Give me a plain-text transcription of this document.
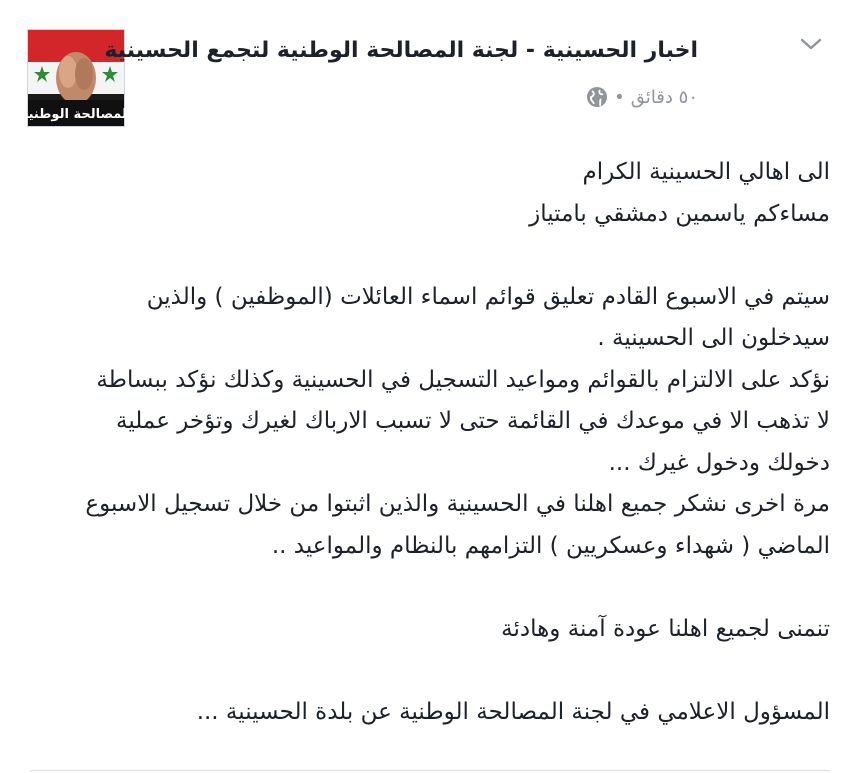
المصالحة الوطنية
اخبار الحسينية - لجنة المصالحة الوطنية لتجمع الحسينية
٥٠ دقائق
•

الى اهالي الحسينية الكرام

مساءكم ياسمين دمشقي بامتياز

سيتم في الاسبوع القادم تعليق قوائم اسماء العائلات (الموظفين ) والذين

سيدخلون الى الحسينية .

نؤكد على الالتزام بالقوائم ومواعيد التسجيل في الحسينية وكذلك نؤكد ببساطة

لا تذهب الا في موعدك في القائمة حتى لا تسبب الارباك لغيرك وتؤخر عملية

دخولك ودخول غيرك ...

مرة اخرى نشكر جميع اهلنا في الحسينية والذين اثبتوا من خلال تسجيل الاسبوع

الماضي ( شهداء وعسكريين ) التزامهم بالنظام والمواعيد ..

تنمنى لجميع اهلنا عودة آمنة وهادئة

المسؤول الاعلامي في لجنة المصالحة الوطنية عن بلدة الحسينية ...
